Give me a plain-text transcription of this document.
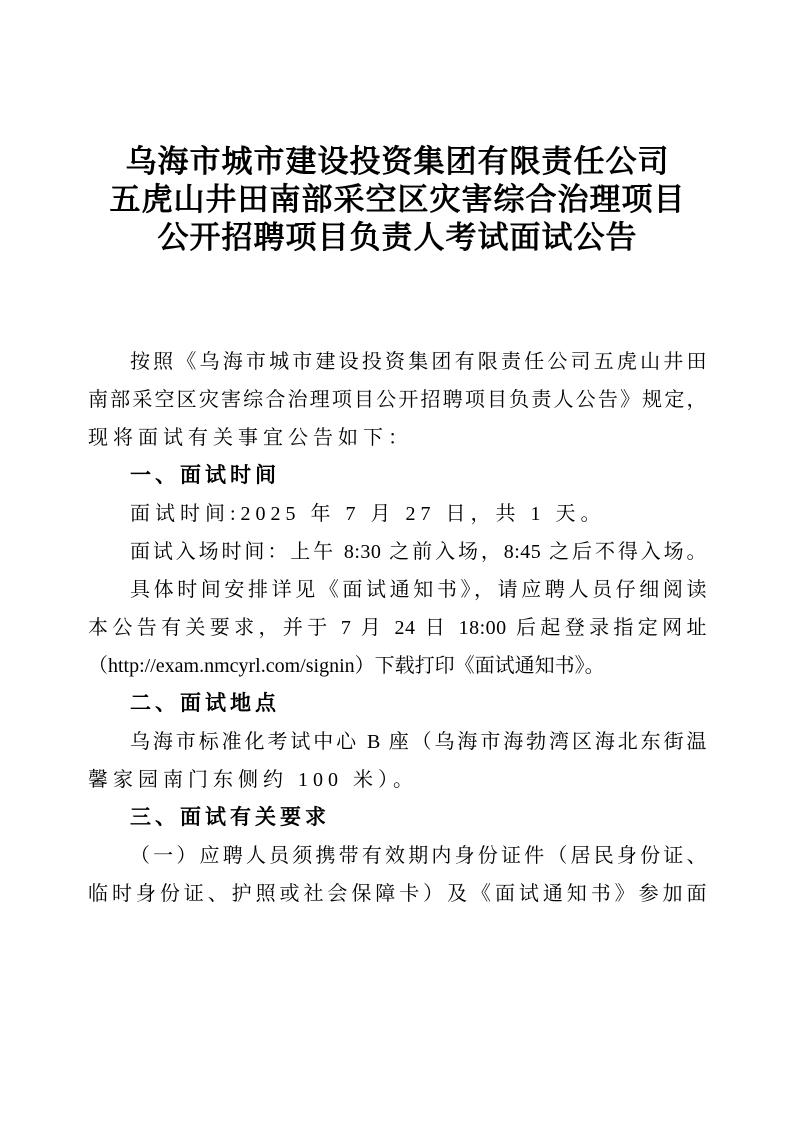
乌海市城市建设投资集团有限责任公司
五虎山井田南部采空区灾害综合治理项目
公开招聘项目负责人考试面试公告
按照《乌海市城市建设投资集团有限责任公司五虎山井田
南部采空区灾害综合治理项目公开招聘项目负责人公告》规定，
现将面试有关事宜公告如下：
一、面试时间
面试时间:2025 年 7 月 27 日，共 1 天。
面试入场时间：上午 8:30 之前入场，8:45 之后不得入场。
具体时间安排详见《面试通知书》，请应聘人员仔细阅读
本公告有关要求，并于 7 月 24 日 18:00 后起登录指定网址
（http://exam.nmcyrl.com/signin）下载打印《面试通知书》。
二、面试地点
乌海市标准化考试中心 B 座（乌海市海勃湾区海北东街温
馨家园南门东侧约 100 米）。
三、面试有关要求
（一）应聘人员须携带有效期内身份证件（居民身份证、
临时身份证、护照或社会保障卡）及《面试通知书》参加面
